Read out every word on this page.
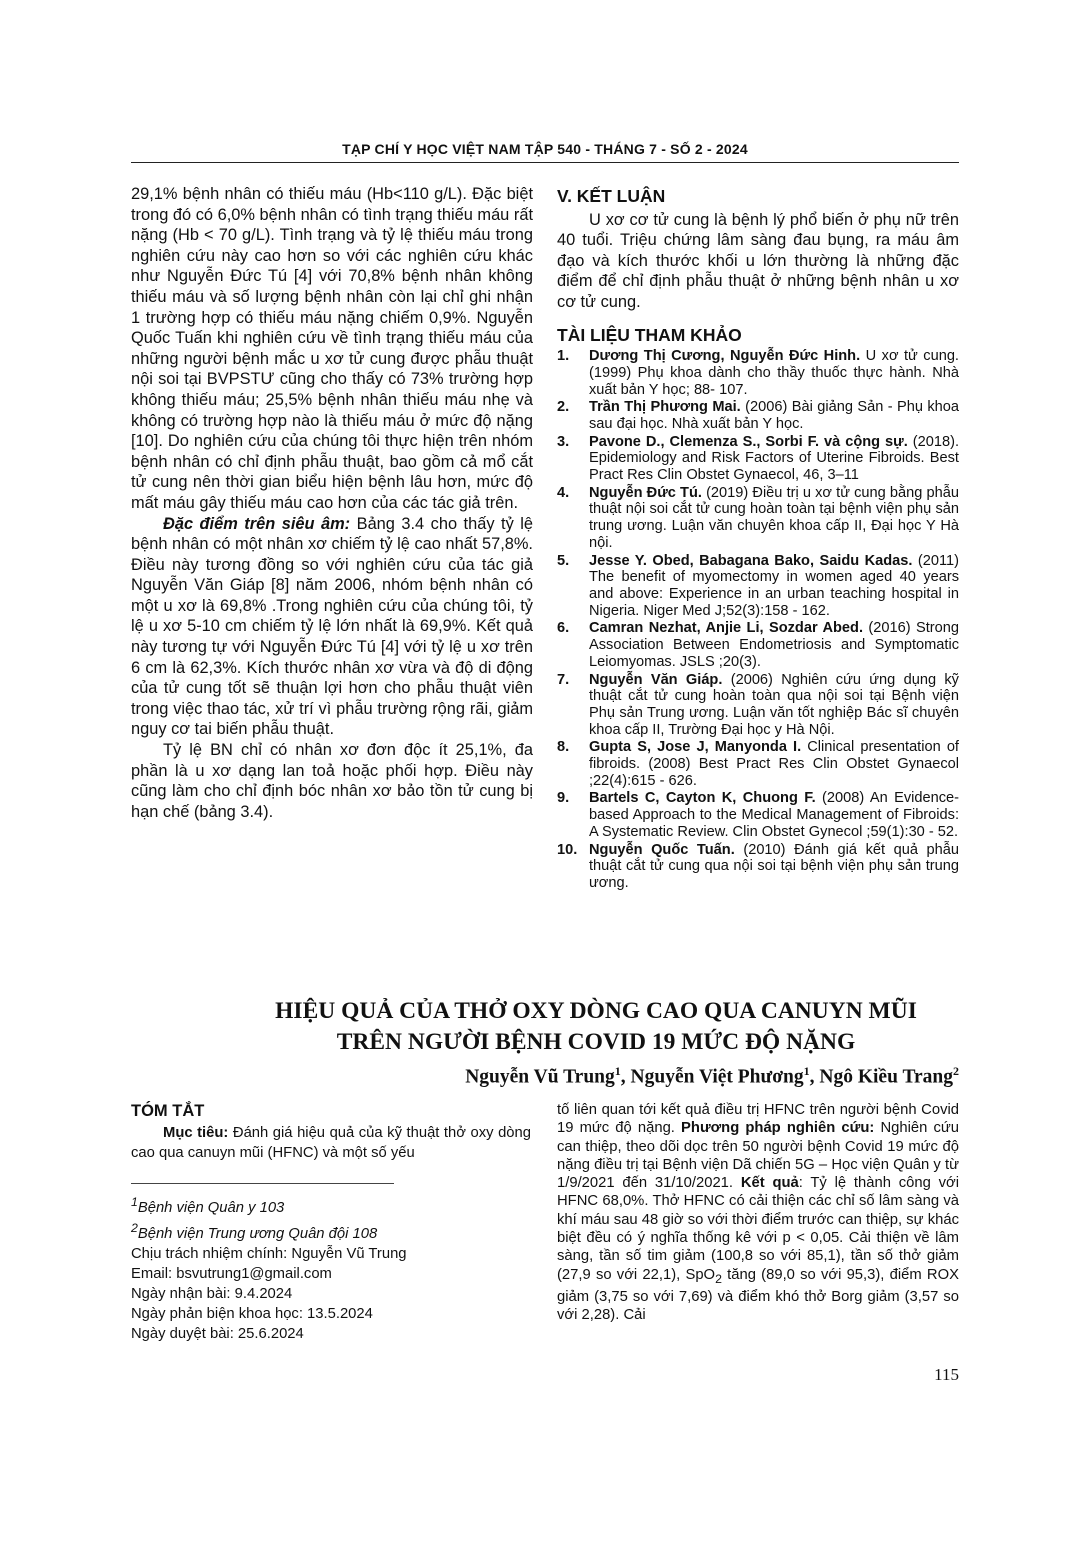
TẠP CHÍ Y HỌC VIỆT NAM TẬP 540 - THÁNG 7 - SỐ 2 - 2024

29,1% bệnh nhân có thiếu máu (Hb<110 g/L). Đặc biệt trong đó có 6,0% bệnh nhân có tình trạng thiếu máu rất nặng (Hb < 70 g/L). Tình trạng và tỷ lệ thiếu máu trong nghiên cứu này cao hơn so với các nghiên cứu khác như Nguyễn Đức Tú [4] với 70,8% bệnh nhân không thiếu máu và số lượng bệnh nhân còn lại chỉ ghi nhận 1 trường hợp có thiếu máu nặng chiếm 0,9%. Nguyễn Quốc Tuấn khi nghiên cứu về tình trạng thiếu máu của những người bệnh mắc u xơ tử cung được phẫu thuật nội soi tại BVPSTƯ cũng cho thấy có 73% trường hợp không thiếu máu; 25,5% bệnh nhân thiếu máu nhẹ và không có trường hợp nào là thiếu máu ở mức độ nặng [10]. Do nghiên cứu của chúng tôi thực hiện trên nhóm bệnh nhân có chỉ định phẫu thuật, bao gồm cả mổ cắt tử cung nên thời gian biểu hiện bệnh lâu hơn, mức độ mất máu gây thiếu máu cao hơn của các tác giả trên.

Đặc điểm trên siêu âm: Bảng 3.4 cho thấy tỷ lệ bệnh nhân có một nhân xơ chiếm tỷ lệ cao nhất 57,8%. Điều này tương đồng so với nghiên cứu của tác giả Nguyễn Văn Giáp [8] năm 2006, nhóm bệnh nhân có một u xơ là 69,8% .Trong nghiên cứu của chúng tôi, tỷ lệ u xơ 5-10 cm chiếm tỷ lệ lớn nhất là 69,9%. Kết quả này tương tự với Nguyễn Đức Tú [4] với tỷ lệ u xơ trên 6 cm là 62,3%. Kích thước nhân xơ vừa và độ di động của tử cung tốt sẽ thuận lợi hơn cho phẫu thuật viên trong việc thao tác, xử trí vì phẫu trường rộng rãi, giảm nguy cơ tai biến phẫu thuật.

Tỷ lệ BN chỉ có nhân xơ đơn độc ít 25,1%, đa phần là u xơ dạng lan toả hoặc phối hợp. Điều này cũng làm cho chỉ định bóc nhân xơ bảo tồn tử cung bị hạn chế (bảng 3.4).

V. KẾT LUẬN

U xơ cơ tử cung là bệnh lý phổ biến ở phụ nữ trên 40 tuổi. Triệu chứng lâm sàng đau bụng, ra máu âm đạo và kích thước khối u lớn thường là những đặc điểm để chỉ định phẫu thuật ở những bệnh nhân u xơ cơ tử cung.

TÀI LIỆU THAM KHẢO
1. Dương Thị Cương, Nguyễn Đức Hinh. U xơ tử cung. (1999) Phụ khoa dành cho thầy thuốc thực hành. Nhà xuất bản Y học; 88- 107.
2. Trần Thị Phương Mai. (2006) Bài giảng Sản - Phụ khoa sau đại học. Nhà xuất bản Y học.
3. Pavone D., Clemenza S., Sorbi F. và cộng sự. (2018). Epidemiology and Risk Factors of Uterine Fibroids. Best Pract Res Clin Obstet Gynaecol, 46, 3–11
4. Nguyễn Đức Tú. (2019) Điều trị u xơ tử cung bằng phẫu thuật nội soi cắt tử cung hoàn toàn tại bệnh viện phụ sản trung ương. Luận văn chuyên khoa cấp II, Đại học Y Hà nội.
5. Jesse Y. Obed, Babagana Bako, Saidu Kadas. (2011) The benefit of myomectomy in women aged 40 years and above: Experience in an urban teaching hospital in Nigeria. Niger Med J;52(3):158 - 162.
6. Camran Nezhat, Anjie Li, Sozdar Abed. (2016) Strong Association Between Endometriosis and Symptomatic Leiomyomas. JSLS ;20(3).
7. Nguyễn Văn Giáp. (2006) Nghiên cứu ứng dụng kỹ thuật cắt tử cung hoàn toàn qua nội soi tại Bệnh viện Phụ sản Trung ương. Luận văn tốt nghiệp Bác sĩ chuyên khoa cấp II, Trường Đại học y Hà Nội.
8. Gupta S, Jose J, Manyonda I. Clinical presentation of fibroids. (2008) Best Pract Res Clin Obstet Gynaecol ;22(4):615 - 626.
9. Bartels C, Cayton K, Chuong F. (2008) An Evidence-based Approach to the Medical Management of Fibroids: A Systematic Review. Clin Obstet Gynecol ;59(1):30 - 52.
10. Nguyễn Quốc Tuấn. (2010) Đánh giá kết quả phẫu thuật cắt tử cung qua nội soi tại bệnh viện phụ sản trung ương.
HIỆU QUẢ CỦA THỞ OXY DÒNG CAO QUA CANUYN MŨI
TRÊN NGƯỜI BỆNH COVID 19 MỨC ĐỘ NẶNG
Nguyễn Vũ Trung$^1$, Nguyễn Việt Phương$^1$, Ngô Kiều Trang$^2$
TÓM TẮT

Mục tiêu: Đánh giá hiệu quả của kỹ thuật thở oxy dòng cao qua canuyn mũi (HFNC) và một số yếu

$^1$Bệnh viện Quân y 103
$^2$Bệnh viện Trung ương Quân đội 108
Chịu trách nhiệm chính: Nguyễn Vũ Trung
Email: bsvutrung1@gmail.com
Ngày nhận bài: 9.4.2024
Ngày phản biện khoa học: 13.5.2024
Ngày duyệt bài: 25.6.2024

tố liên quan tới kết quả điều trị HFNC trên người bệnh Covid 19 mức độ nặng. Phương pháp nghiên cứu: Nghiên cứu can thiệp, theo dõi dọc trên 50 người bệnh Covid 19 mức độ nặng điều trị tại Bệnh viện Dã chiến 5G – Học viện Quân y từ 1/9/2021 đến 31/10/2021. Kết quả: Tỷ lệ thành công với HFNC 68,0%. Thở HFNC có cải thiện các chỉ số lâm sàng và khí máu sau 48 giờ so với thời điểm trước can thiệp, sự khác biệt đều có ý nghĩa thống kê với p < 0,05. Cải thiện về lâm sàng, tần số tim giảm (100,8 so với 85,1), tần số thở giảm (27,9 so với 22,1), SpO$_2$ tăng (89,0 so với 95,3), điểm ROX giảm (3,75 so với 7,69) và điểm khó thở Borg giảm (3,57 so với 2,28). Cải

115
